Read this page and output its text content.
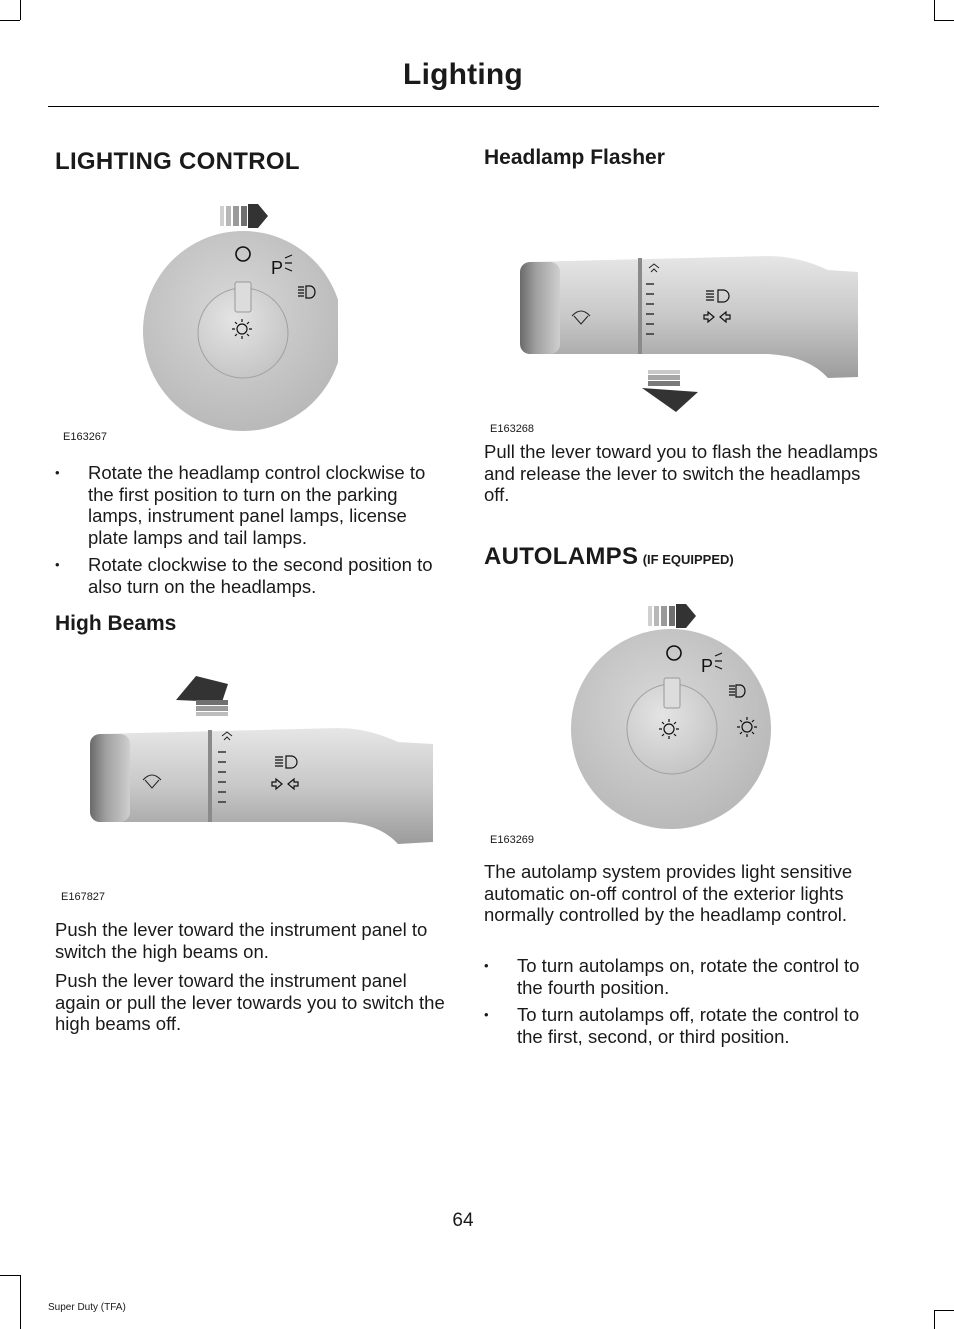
Lighting
LIGHTING CONTROL
P
E163267
• Rotate the headlamp control clockwise to the first position to turn on the parking lamps, instrument panel lamps, license plate lamps and tail lamps.
• Rotate clockwise to the second position to also turn on the headlamps.
High Beams
E167827
Push the lever toward the instrument panel to switch the high beams on.
Push the lever toward the instrument panel again or pull the lever towards you to switch the high beams off.
Headlamp Flasher
E163268
Pull the lever toward you to flash the headlamps and release the lever to switch the headlamps off.
AUTOLAMPS (IF EQUIPPED)
P
E163269
The autolamp system provides light sensitive automatic on-off control of the exterior lights normally controlled by the headlamp control.
• To turn autolamps on, rotate the control to the fourth position.
• To turn autolamps off, rotate the control to the first, second, or third position.
64
Super Duty (TFA)
